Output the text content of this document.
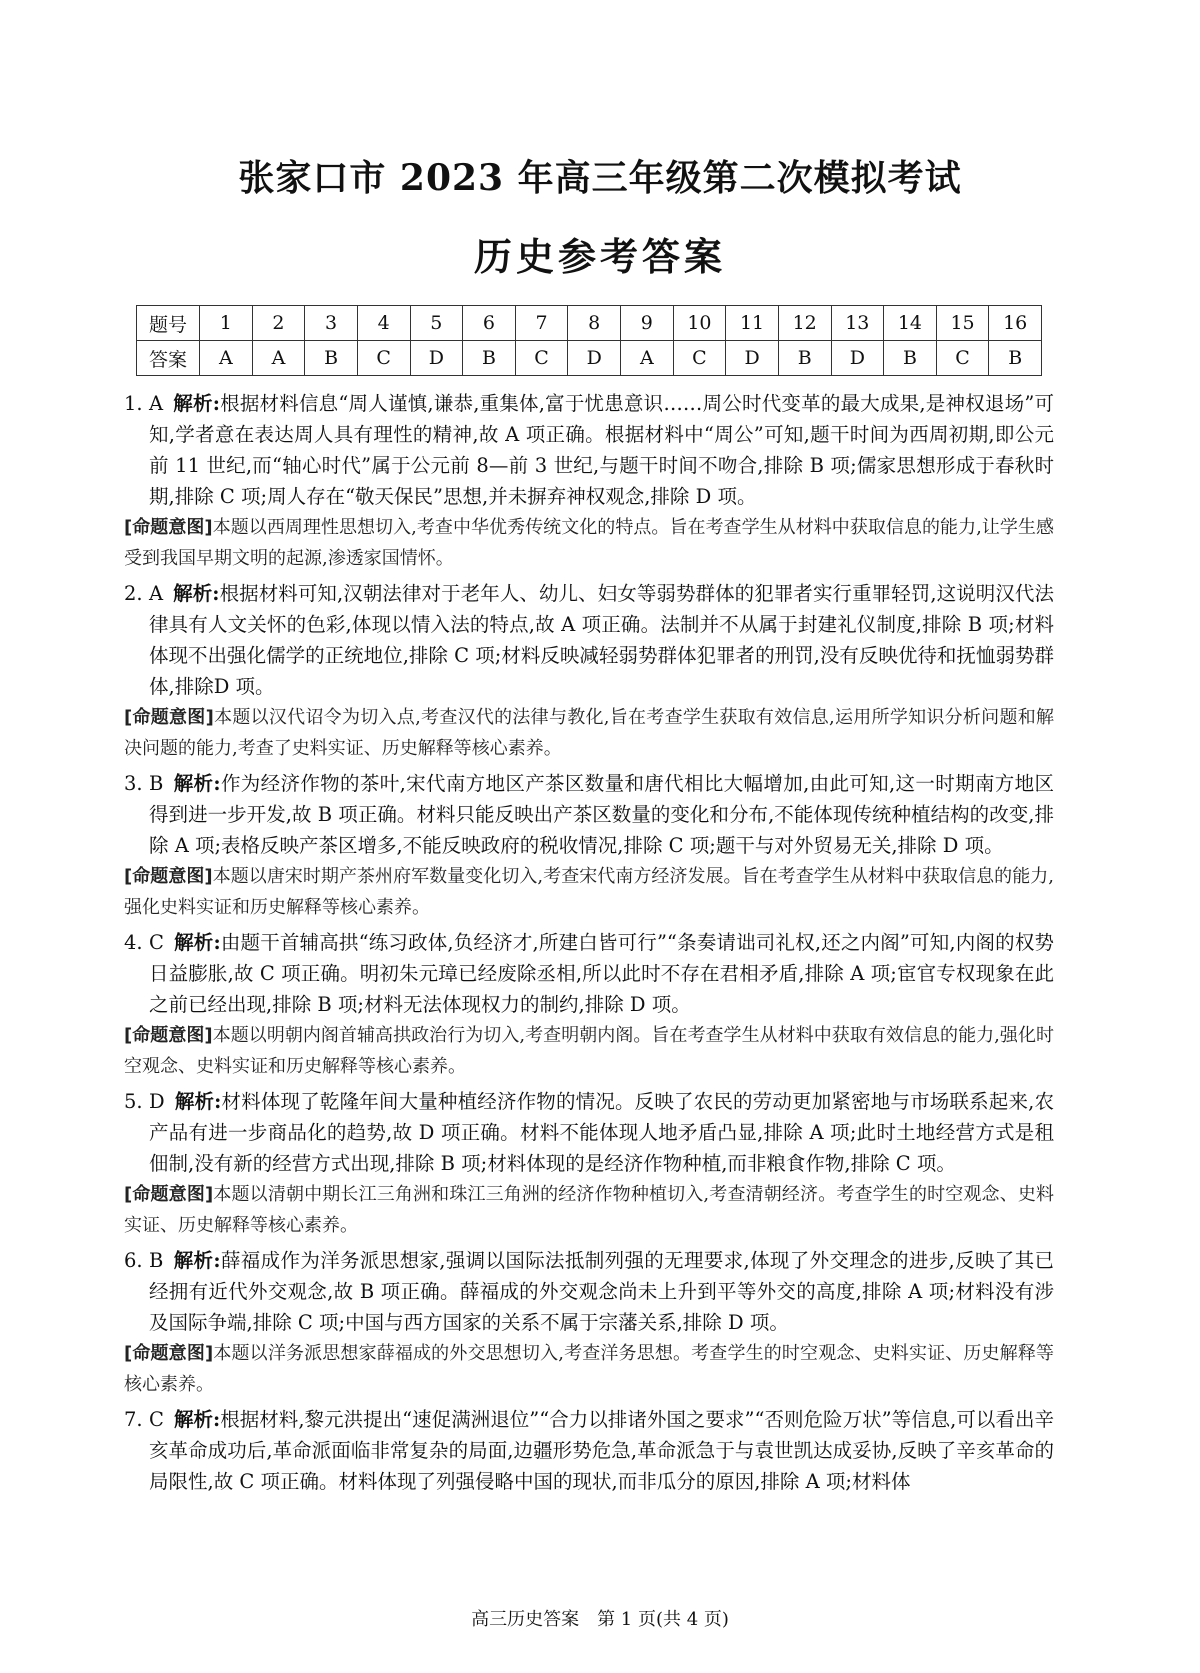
张家口市 2023 年高三年级第二次模拟考试
历史参考答案
题号	1	2	3	4	5	6	7	8	9	10	11	12	13	14	15	16
答案	A	A	B	C	D	B	C	D	A	C	D	B	D	B	C	B

1. A 解析:根据材料信息“周人谨慎,谦恭,重集体,富于忧患意识……周公时代变革的最大成果,是神权退场”可知,学者意在表达周人具有理性的精神,故 A 项正确。根据材料中“周公”可知,题干时间为西周初期,即公元前 11 世纪,而“轴心时代”属于公元前 8—前 3 世纪,与题干时间不吻合,排除 B 项;儒家思想形成于春秋时期,排除 C 项;周人存在“敬天保民”思想,并未摒弃神权观念,排除 D 项。

[命题意图]本题以西周理性思想切入,考查中华优秀传统文化的特点。旨在考查学生从材料中获取信息的能力,让学生感受到我国早期文明的起源,渗透家国情怀。

2. A 解析:根据材料可知,汉朝法律对于老年人、幼儿、妇女等弱势群体的犯罪者实行重罪轻罚,这说明汉代法律具有人文关怀的色彩,体现以情入法的特点,故 A 项正确。法制并不从属于封建礼仪制度,排除 B 项;材料体现不出强化儒学的正统地位,排除 C 项;材料反映减轻弱势群体犯罪者的刑罚,没有反映优待和抚恤弱势群体,排除D 项。

[命题意图]本题以汉代诏令为切入点,考查汉代的法律与教化,旨在考查学生获取有效信息,运用所学知识分析问题和解决问题的能力,考查了史料实证、历史解释等核心素养。

3. B 解析:作为经济作物的茶叶,宋代南方地区产茶区数量和唐代相比大幅增加,由此可知,这一时期南方地区得到进一步开发,故 B 项正确。材料只能反映出产茶区数量的变化和分布,不能体现传统种植结构的改变,排除 A 项;表格反映产茶区增多,不能反映政府的税收情况,排除 C 项;题干与对外贸易无关,排除 D 项。

[命题意图]本题以唐宋时期产茶州府军数量变化切入,考查宋代南方经济发展。旨在考查学生从材料中获取信息的能力,强化史料实证和历史解释等核心素养。

4. C 解析:由题干首辅高拱“练习政体,负经济才,所建白皆可行”“条奏请诎司礼权,还之内阁”可知,内阁的权势日益膨胀,故 C 项正确。明初朱元璋已经废除丞相,所以此时不存在君相矛盾,排除 A 项;宦官专权现象在此之前已经出现,排除 B 项;材料无法体现权力的制约,排除 D 项。

[命题意图]本题以明朝内阁首辅高拱政治行为切入,考查明朝内阁。旨在考查学生从材料中获取有效信息的能力,强化时空观念、史料实证和历史解释等核心素养。

5. D 解析:材料体现了乾隆年间大量种植经济作物的情况。反映了农民的劳动更加紧密地与市场联系起来,农产品有进一步商品化的趋势,故 D 项正确。材料不能体现人地矛盾凸显,排除 A 项;此时土地经营方式是租佃制,没有新的经营方式出现,排除 B 项;材料体现的是经济作物种植,而非粮食作物,排除 C 项。

[命题意图]本题以清朝中期长江三角洲和珠江三角洲的经济作物种植切入,考查清朝经济。考查学生的时空观念、史料实证、历史解释等核心素养。

6. B 解析:薛福成作为洋务派思想家,强调以国际法抵制列强的无理要求,体现了外交理念的进步,反映了其已经拥有近代外交观念,故 B 项正确。薛福成的外交观念尚未上升到平等外交的高度,排除 A 项;材料没有涉及国际争端,排除 C 项;中国与西方国家的关系不属于宗藩关系,排除 D 项。

[命题意图]本题以洋务派思想家薛福成的外交思想切入,考查洋务思想。考查学生的时空观念、史料实证、历史解释等核心素养。

7. C 解析:根据材料,黎元洪提出“速促满洲退位”“合力以排诸外国之要求”“否则危险万状”等信息,可以看出辛亥革命成功后,革命派面临非常复杂的局面,边疆形势危急,革命派急于与袁世凯达成妥协,反映了辛亥革命的局限性,故 C 项正确。材料体现了列强侵略中国的现状,而非瓜分的原因,排除 A 项;材料体

高三历史答案　第 1 页(共 4 页)
